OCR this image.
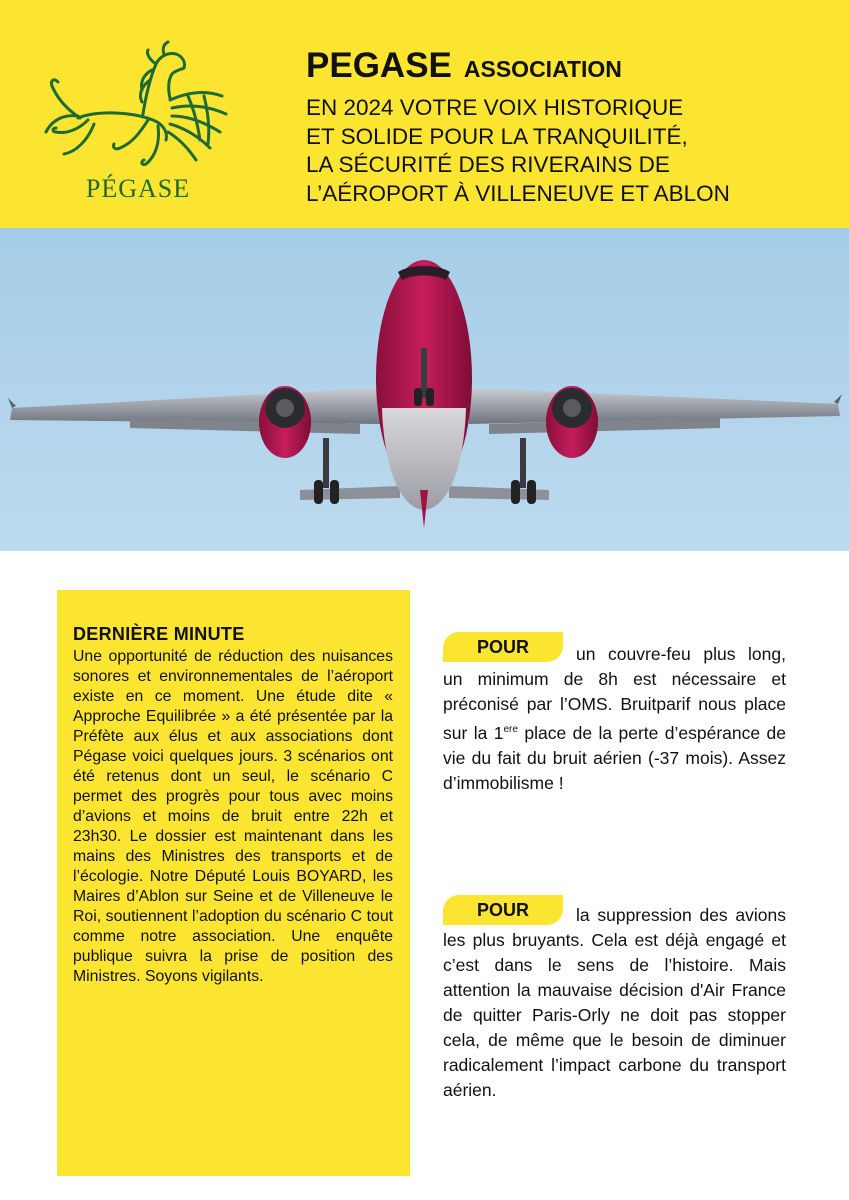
PÉGASE
PEGASE ASSOCIATION
EN 2024 VOTRE VOIX HISTORIQUE
ET SOLIDE POUR LA TRANQUILITÉ,
LA SÉCURITÉ DES RIVERAINS DE
L’AÉROPORT À VILLENEUVE ET ABLON
DERNIÈRE MINUTE
Une opportunité de réduction des nuisances sonores et environnementales de l’aéroport existe en ce moment. Une étude dite « Approche Equilibrée » a été présentée par la Préfète aux élus et aux associations dont Pégase voici quelques jours. 3 scénarios ont été retenus dont un seul, le scénario C permet des progrès pour tous avec moins d’avions et moins de bruit entre 22h et 23h30. Le dossier est maintenant dans les mains des Ministres des transports et de l’écologie. Notre Député Louis BOYARD, les Maires d’Ablon sur Seine et de Villeneuve le Roi, soutiennent l’adoption du scénario C tout comme notre association. Une enquête publique suivra la prise de position des Ministres. Soyons vigilants.
un couvre-feu plus long, un minimum de 8h est nécessaire et préconisé par l’OMS. Bruitparif nous place sur la 1ere place de la perte d’espérance de vie du fait du bruit aérien (-37 mois). Assez d’immobilisme !
POUR
la suppression des avions les plus bruyants. Cela est déjà engagé et c’est dans le sens de l’histoire. Mais attention la mauvaise décision d'Air France de quitter Paris-Orly ne doit pas stopper cela, de même que le besoin de diminuer radicalement l’impact carbone du transport aérien.
POUR
